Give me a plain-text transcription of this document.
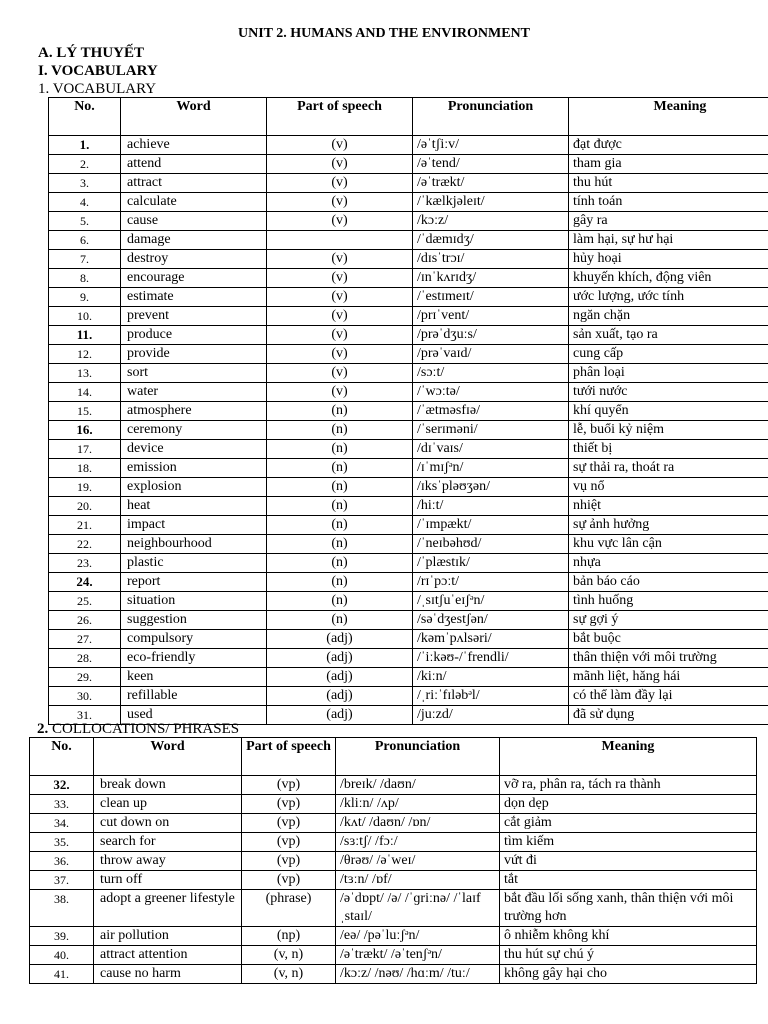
UNIT 2. HUMANS AND THE ENVIRONMENT
A. LÝ THUYẾT
I. VOCABULARY
1. VOCABULARY
No.	Word	Part of speech	Pronunciation	Meaning
1.	achieve	(v)	/əˈtʃiːv/	đạt được
2.	attend	(v)	/əˈtend/	tham gia
3.	attract	(v)	/əˈtrækt/	thu hút
4.	calculate	(v)	/ˈkælkjəleɪt/	tính toán
5.	cause	(v)	/kɔːz/	gây ra
6.	damage		/ˈdæmɪdʒ/	làm hại, sự hư hại
7.	destroy	(v)	/dɪsˈtrɔɪ/	hủy hoại
8.	encourage	(v)	/ɪnˈkʌrɪdʒ/	khuyến khích, động viên
9.	estimate	(v)	/ˈestɪmeɪt/	ước lượng, ước tính
10.	prevent	(v)	/prɪˈvent/	ngăn chặn
11.	produce	(v)	/prəˈdʒuːs/	sản xuất, tạo ra
12.	provide	(v)	/prəˈvaɪd/	cung cấp
13.	sort	(v)	/sɔːt/	phân loại
14.	water	(v)	/ˈwɔːtə/	tưới nước
15.	atmosphere	(n)	/ˈætməsfɪə/	khí quyển
16.	ceremony	(n)	/ˈserɪməni/	lễ, buổi kỷ niệm
17.	device	(n)	/dɪˈvaɪs/	thiết bị
18.	emission	(n)	/ɪˈmɪʃᵊn/	sự thải ra, thoát ra
19.	explosion	(n)	/ɪksˈpləʊʒən/	vụ nổ
20.	heat	(n)	/hiːt/	nhiệt
21.	impact	(n)	/ˈɪmpækt/	sự ảnh hưởng
22.	neighbourhood	(n)	/ˈneɪbəhʊd/	khu vực lân cận
23.	plastic	(n)	/ˈplæstɪk/	nhựa
24.	report	(n)	/rɪˈpɔːt/	bản báo cáo
25.	situation	(n)	/ˌsɪtʃuˈeɪʃᵊn/	tình huống
26.	suggestion	(n)	/səˈdʒestʃən/	sự gợi ý
27.	compulsory	(adj)	/kəmˈpʌlsəri/	bắt buộc
28.	eco-friendly	(adj)	/ˈiːkəʊ-/ˈfrendli/	thân thiện với môi trường
29.	keen	(adj)	/kiːn/	mãnh liệt, hăng hái
30.	refillable	(adj)	/ˌriːˈfɪləbᵊl/	có thể làm đầy lại
31.	used	(adj)	/juːzd/	đã sử dụng
2. COLLOCATIONS/ PHRASES
No.	Word	Part of speech	Pronunciation	Meaning
32.	break down	(vp)	/breɪk/ /daʊn/	vỡ ra, phân ra, tách ra thành
33.	clean up	(vp)	/kliːn/ /ʌp/	dọn dẹp
34.	cut down on	(vp)	/kʌt/ /daʊn/ /ɒn/	cắt giảm
35.	search for	(vp)	/sɜːtʃ/ /fɔː/	tìm kiếm
36.	throw away	(vp)	/θrəʊ/ /əˈweɪ/	vứt đi
37.	turn off	(vp)	/tɜːn/ /ɒf/	tắt
38.	adopt a greener lifestyle	(phrase)	/əˈdɒpt/ /ə/ /ˈɡriːnə/ /ˈlaɪfˌstaɪl/	bắt đầu lối sống xanh, thân thiện với môi trường hơn
39.	air pollution	(np)	/eə/ /pəˈluːʃᵊn/	ô nhiễm không khí
40.	attract attention	(v, n)	/əˈtrækt/ /əˈtenʃᵊn/	thu hút sự chú ý
41.	cause no harm	(v, n)	/kɔːz/ /nəʊ/ /hɑːm/ /tuː/	không gây hại cho
